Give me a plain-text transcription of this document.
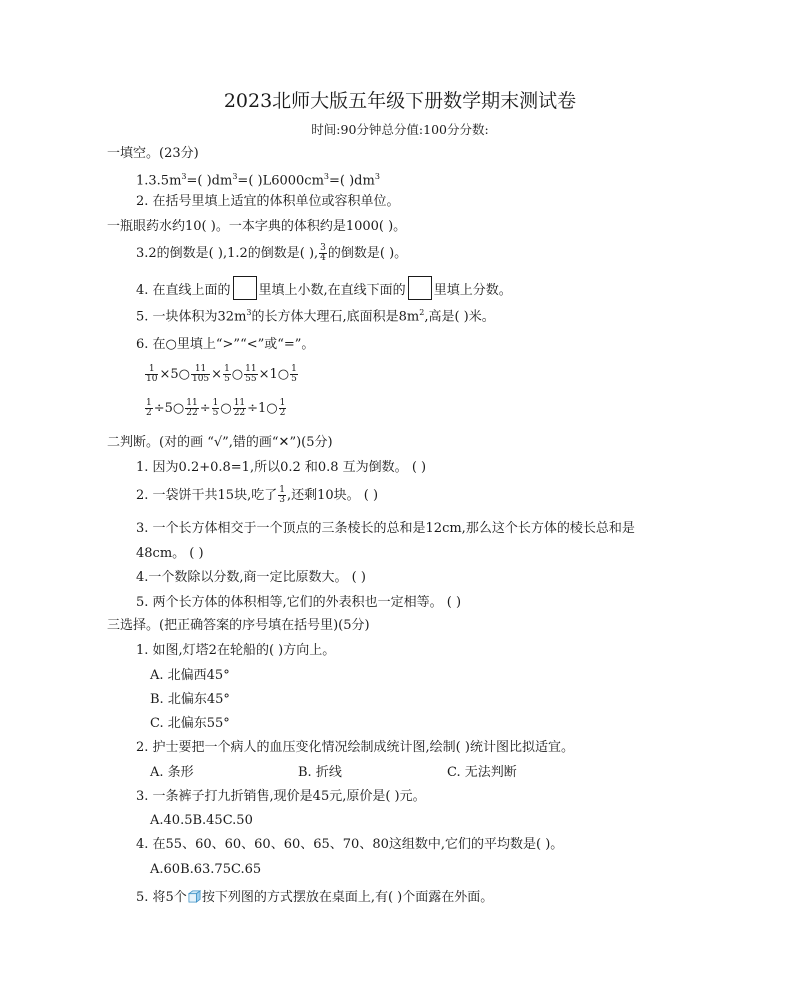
2023北师大版五年级下册数学期末测试卷
时间:90分钟总分值:100分分数:
一填空。(23分)
$1.3.5m^3=$( )$dm^3=$( )$L6000cm^3=$( )$dm^3$
2. 在括号里填上适宜的体积单位或容积单位。
一瓶眼药水约10( )。一本字典的体积约是1000( )。
3.2的倒数是( ),1.2的倒数是( ), $\frac{3}{4}$ 的倒数是( )。
4. 在直线上面的 里填上小数,在直线下面的 里填上分数。
5. 一块体积为$32m^3$的长方体大理石,底面积是$8m^2$,高是( )米。
6. 在○里填上“>”“<”或“=”。
$\frac{1}{10}$ ×5○ $\frac{11}{105} \times \frac{1}{5}$ ○ $\frac{11}{55}$ ×1○ $\frac{1}{5}$
$\frac{1}{2}$ ÷5○ $\frac{11}{22} \div \frac{1}{5}$ ○ $\frac{11}{22}$ ÷1○ $\frac{1}{2}$
二判断。(对的画 “√”,错的画“✕”)(5分)
1. 因为0.2+0.8=1,所以0.2 和0.8 互为倒数。 ( )
2. 一袋饼干共15块,吃了 $\frac{1}{3}$ ,还剩10块。 ( )
3. 一个长方体相交于一个顶点的三条棱长的总和是12cm,那么这个长方体的棱长总和是
48cm。 ( )
4.一个数除以分数,商一定比原数大。 ( )
5. 两个长方体的体积相等,它们的外表积也一定相等。 ( )
三选择。(把正确答案的序号填在括号里)(5分)
1. 如图,灯塔2在轮船的( )方向上。
A. 北偏西45°
B. 北偏东45°
C. 北偏东55°
2. 护士要把一个病人的血压变化情况绘制成统计图,绘制( )统计图比拟适宜。
A. 条形	B. 折线	C. 无法判断
3. 一条裤子打九折销售,现价是45元,原价是( )元。
A.40.5B.45C.50
4. 在55、60、60、60、60、65、70、80这组数中,它们的平均数是( )。
A.60B.63.75C.65
5. 将5个 按下列图的方式摆放在桌面上,有( )个面露在外面。
